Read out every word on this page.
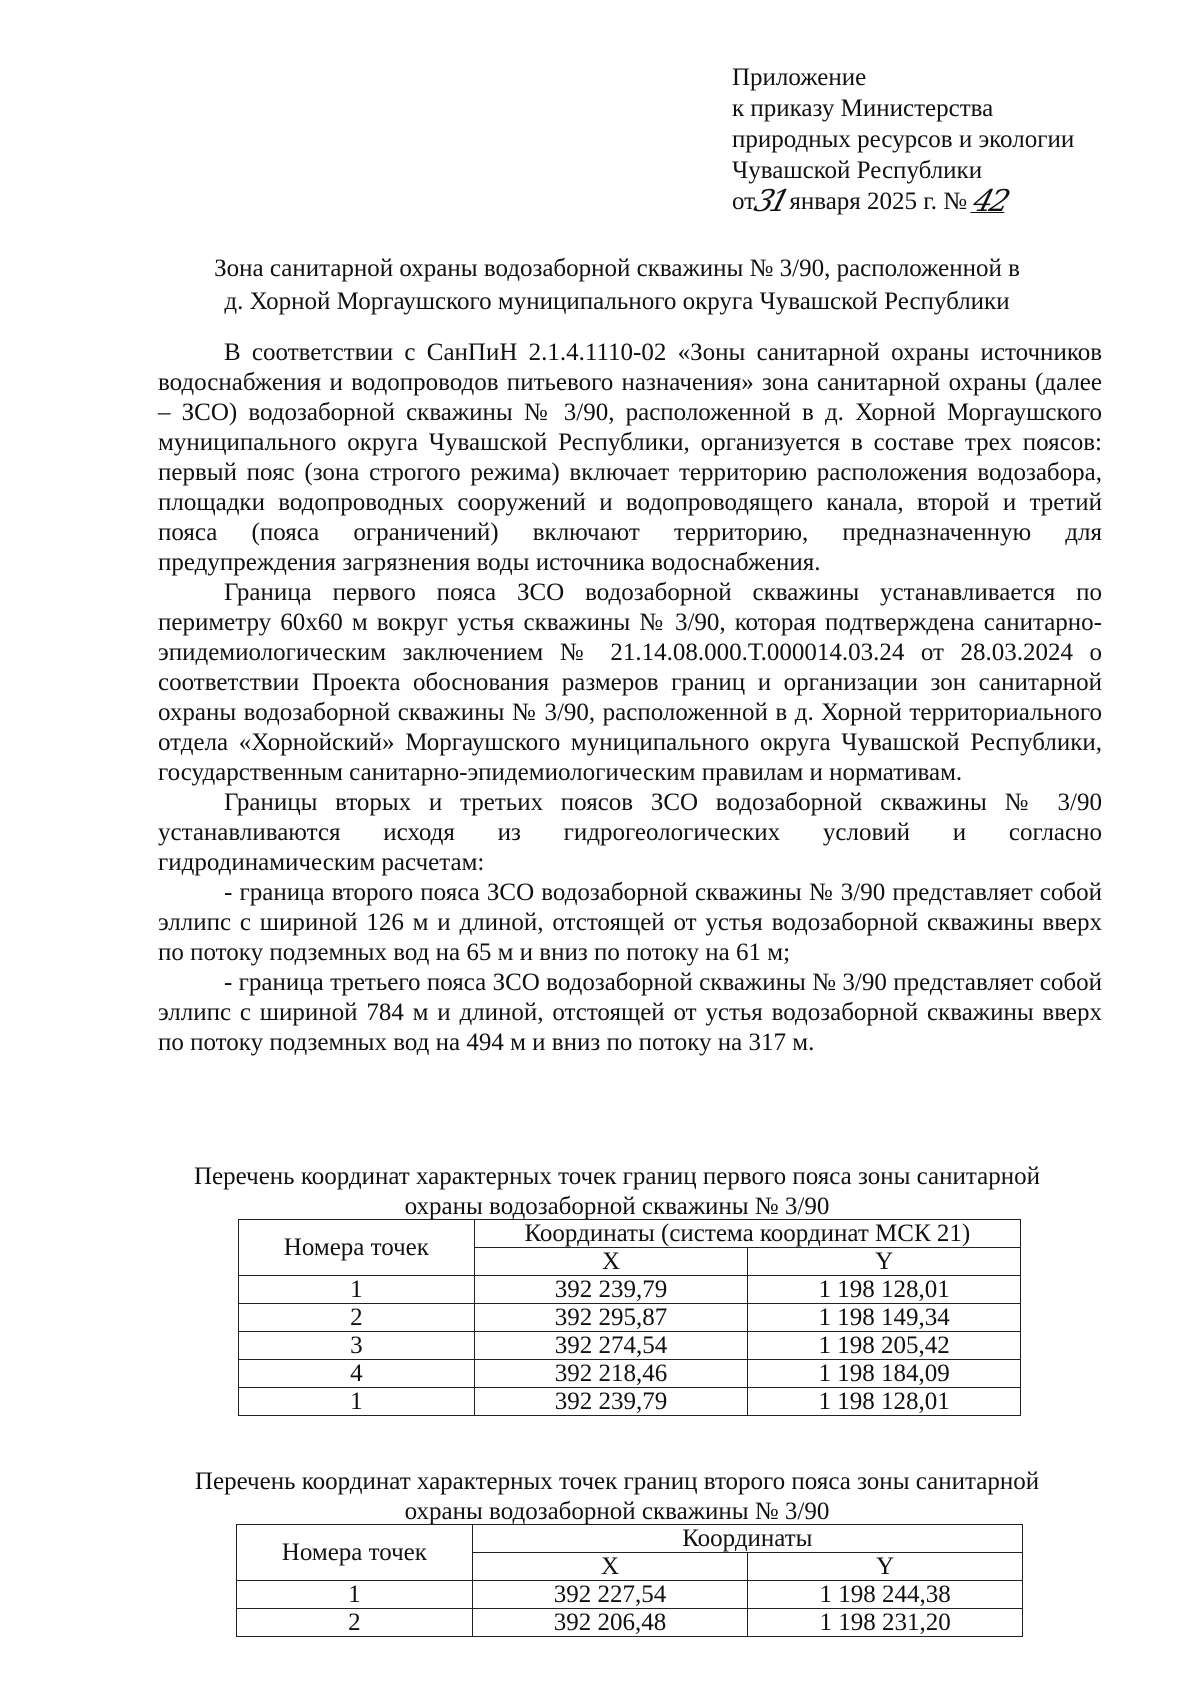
Приложение
к приказу Министерства
природных ресурсов и экологии
Чувашской Республики
от31 января 2025 г. № 42
Зона санитарной охраны водозаборной скважины № 3/90, расположенной в
д. Хорной Моргаушского муниципального округа Чувашской Республики

В соответствии с СанПиН 2.1.4.1110-02 «Зоны санитарной охраны источников водоснабжения и водопроводов питьевого назначения» зона санитарной охраны (далее – ЗСО) водозаборной скважины № 3/90, расположенной в д. Хорной Моргаушского муниципального округа Чувашской Республики, организуется в составе трех поясов: первый пояс (зона строгого режима) включает территорию расположения водозабора, площадки водопроводных сооружений и водопроводящего канала, второй и третий пояса (пояса ограничений) включают территорию, предназначенную для предупреждения загрязнения воды источника водоснабжения.

Граница первого пояса ЗСО водозаборной скважины устанавливается по периметру 60х60 м вокруг устья скважины № 3/90, которая подтверждена санитарно-эпидемиологическим заключением № 21.14.08.000.Т.000014.03.24 от 28.03.2024 о соответствии Проекта обоснования размеров границ и организации зон санитарной охраны водозаборной скважины № 3/90, расположенной в д. Хорной территориального отдела «Хорнойский» Моргаушского муниципального округа Чувашской Республики, государственным санитарно-эпидемиологическим правилам и нормативам.

Границы вторых и третьих поясов ЗСО водозаборной скважины № 3/90 устанавливаются исходя из гидрогеологических условий и согласно гидродинамическим расчетам:

- граница второго пояса ЗСО водозаборной скважины № 3/90 представляет собой эллипс с шириной 126 м и длиной, отстоящей от устья водозаборной скважины вверх по потоку подземных вод на 65 м и вниз по потоку на 61 м;

- граница третьего пояса ЗСО водозаборной скважины № 3/90 представляет собой эллипс с шириной 784 м и длиной, отстоящей от устья водозаборной скважины вверх по потоку подземных вод на 494 м и вниз по потоку на 317 м.

Перечень координат характерных точек границ первого пояса зоны санитарной
охраны водозаборной скважины № 3/90
Номера точек	Координаты (система координат МСК 21)	
	X	Y
1	392 239,79	1 198 128,01
2	392 295,87	1 198 149,34
3	392 274,54	1 198 205,42
4	392 218,46	1 198 184,09
1	392 239,79	1 198 128,01
Перечень координат характерных точек границ второго пояса зоны санитарной
охраны водозаборной скважины № 3/90
Номера точек	Координаты	
	X	Y
1	392 227,54	1 198 244,38
2	392 206,48	1 198 231,20
